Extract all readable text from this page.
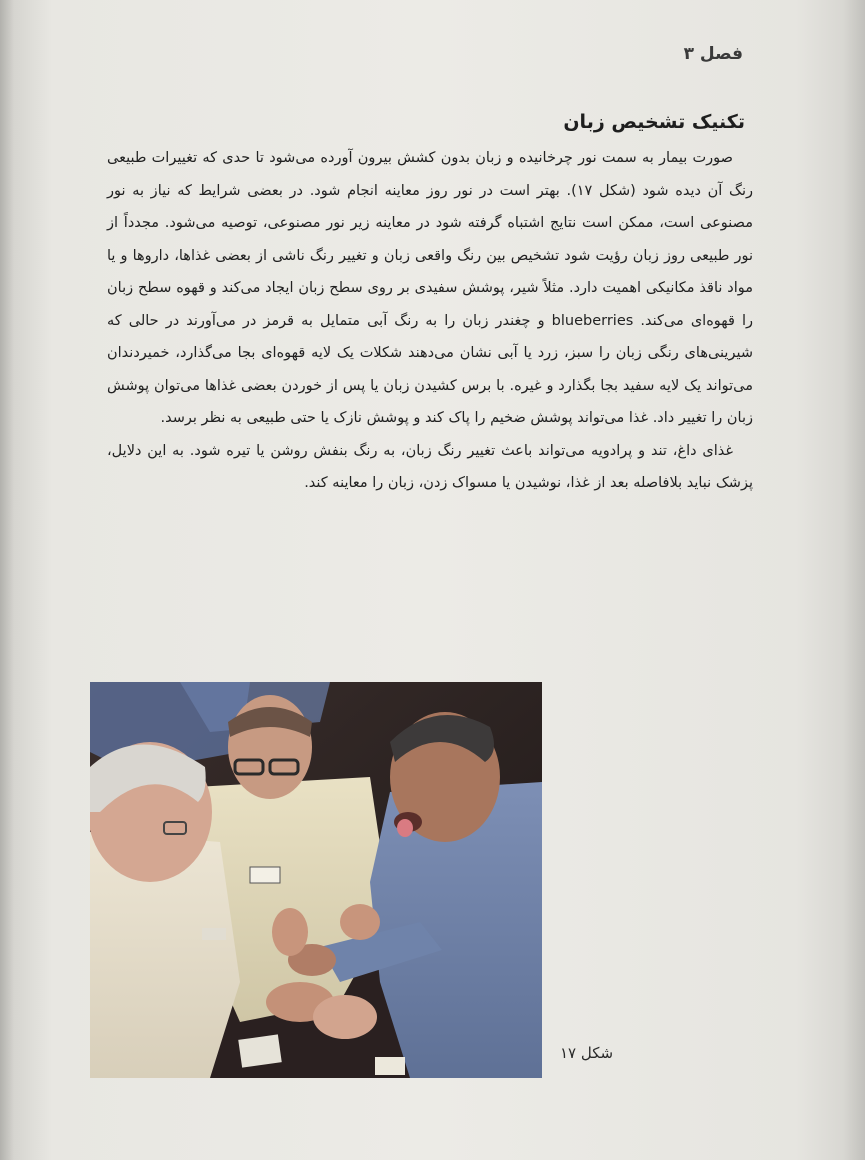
فصل ۳
تکنیک تشخیص زبان

صورت بیمار به سمت نور چرخانیده و زبان بدون کشش بیرون آورده می‌شود تا حدی که تغییرات طبیعی رنگ آن دیده شود (شکل ۱۷). بهتر است در نور روز معاینه انجام شود. در بعضی شرایط که نیاز به نور مصنوعی است، ممکن است نتایج اشتباه گرفته شود در معاینه زیر نور مصنوعی، توصیه می‌شود. مجدداً از نور طبیعی روز زبان رؤیت شود تشخیص بین رنگ واقعی زبان و تغییر رنگ ناشی از بعضی غذاها، داروها و یا مواد ناقذ مکانیکی اهمیت دارد. مثلاً شیر، پوشش سفیدی بر روی سطح زبان ایجاد می‌کند و قهوه سطح زبان را قهوه‌ای می‌کند. blueberries و چغندر زبان را به رنگ آبی متمایل به قرمز در می‌آورند در حالی که شیرینی‌های رنگی زبان را سبز، زرد یا آبی نشان می‌دهند شکلات یک لایه قهوه‌ای بجا می‌گذارد، خمیردندان می‌تواند یک لایه سفید بجا بگذارد و غیره. با برس کشیدن زبان یا پس از خوردن بعضی غذاها می‌توان پوشش زبان را تغییر داد. غذا می‌تواند پوشش ضخیم را پاک کند و پوشش نازک یا حتی طبیعی به نظر برسد.

غذای داغ، تند و پرادویه می‌تواند باعث تغییر رنگ زبان، به رنگ بنفش روشن یا تیره شود. به این دلایل، پزشک نباید بلافاصله بعد از غذا، نوشیدن یا مسواک زدن، زبان را معاینه کند.

شکل ۱۷
